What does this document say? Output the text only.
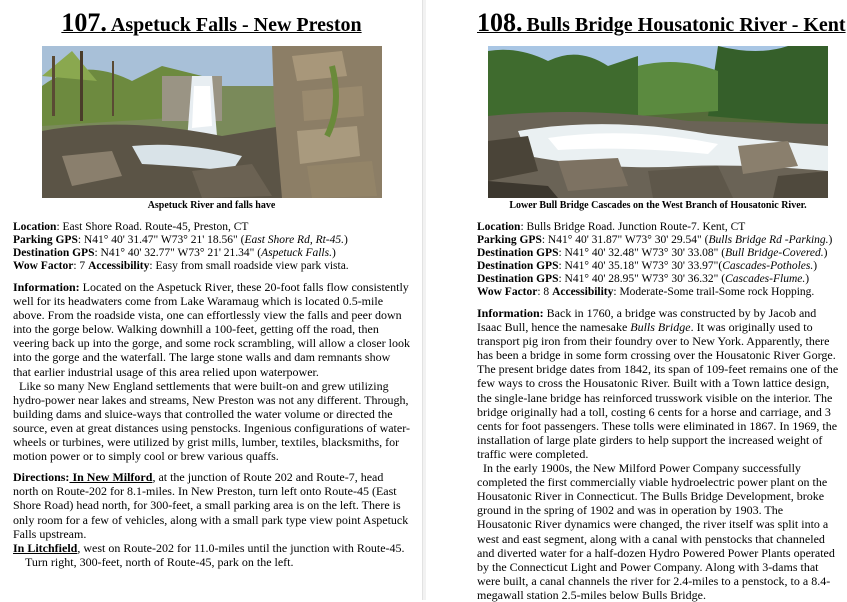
107. Aspetuck Falls - New Preston
Aspetuck River and falls have
Location: East Shore Road. Route-45, Preston, CT
Parking GPS: N41° 40' 31.47" W73° 21' 18.56" (East Shore Rd, Rt-45.)
Destination GPS: N41° 40' 32.77" W73° 21' 21.34" (Aspetuck Falls.)
Wow Factor: 7 Accessibility: Easy from small roadside view park vista.
Information: Located on the Aspetuck River, these 20-foot falls flow consistently well for its headwaters come from Lake Waramaug which is located 0.5-mile above. From the roadside vista, one can effortlessly view the falls and peer down into the gorge below. Walking downhill a 100-feet, getting off the road, then veering back up into the gorge, and some rock scrambling, will allow a closer look into the gorge and the waterfall. The large stone walls and dam remnants show that earlier industrial usage of this area relied upon waterpower.
Like so many New England settlements that were built-on and grew utilizing hydro-power near lakes and streams, New Preston was not any different. Through, building dams and sluice-ways that controlled the water volume or directed the source, even at great distances using penstocks. Ingenious configurations of water-wheels or turbines, were utilized by grist mills, lumber, textiles, blacksmiths, for motion power or to simply cool or brew various quaffs.
Directions: In New Milford, at the junction of Route 202 and Route-7, head north on Route-202 for 8.1-miles. In New Preston, turn left onto Route-45 (East Shore Road) head north, for 300-feet, a small parking area is on the left. There is only room for a few of vehicles, along with a small park type view point Aspetuck Falls upstream.
In Litchfield, west on Route-202 for 11.0-miles until the junction with Route-45. Turn right, 300-feet, north of Route-45, park on the left.
108. Bulls Bridge Housatonic River - Kent
Lower Bull Bridge Cascades on the West Branch of Housatonic River.
Location: Bulls Bridge Road. Junction Route-7. Kent, CT
Parking GPS: N41° 40' 31.87" W73° 30' 29.54" (Bulls Bridge Rd -Parking.)
Destination GPS: N41° 40' 32.48" W73° 30' 33.08" (Bull Bridge-Covered.)
Destination GPS: N41° 40' 35.18" W73° 30' 33.97"(Cascades-Potholes.)
Destination GPS: N41° 40' 28.95" W73° 30' 36.32" (Cascades-Flume.)
Wow Factor: 8 Accessibility: Moderate-Some trail-Some rock Hopping.
Information: Back in 1760, a bridge was constructed by by Jacob and Isaac Bull, hence the namesake Bulls Bridge. It was originally used to transport pig iron from their foundry over to New York. Apparently, there has been a bridge in some form crossing over the Housatonic River Gorge. The present bridge dates from 1842, its span of 109-feet remains one of the few ways to cross the Housatonic River. Built with a Town lattice design, the single-lane bridge has reinforced trusswork visible on the interior. The bridge originally had a toll, costing 6 cents for a horse and carriage, and 3 cents for foot passengers. These tolls were eliminated in 1867. In 1969, the installation of large plate girders to help support the increased weight of traffic were completed.
In the early 1900s, the New Milford Power Company successfully completed the first commercially viable hydroelectric power plant on the Housatonic River in Connecticut. The Bulls Bridge Development, broke ground in the spring of 1902 and was in operation by 1903. The Housatonic River dynamics were changed, the river itself was split into a west and east segment, along with a canal with penstocks that channeled and diverted water for a half-dozen Hydro Powered Power Plants operated by the Connecticut Light and Power Company. Along with 3-dams that were built, a canal channels the river for 2.4-miles to a penstock, to a 8.4-megawall station 2.5-miles below Bulls Bridge.
